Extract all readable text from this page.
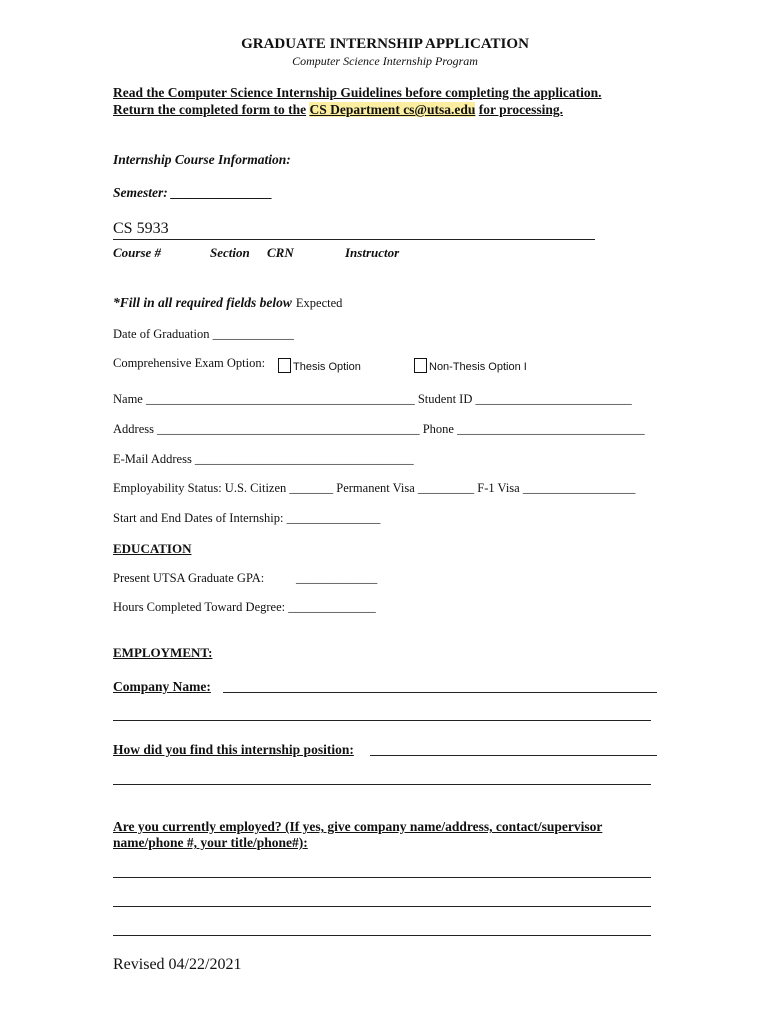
GRADUATE INTERNSHIP APPLICATION
Computer Science Internship Program
Read the Computer Science Internship Guidelines before completing the application. Return the completed form to the CS Department cs@utsa.edu for processing.
Internship Course Information:
Semester: _______________
CS 5933
Course #	Section CRN	Instructor
*Fill in all required fields below Expected
Date of Graduation _____________
Comprehensive Exam Option:	Thesis Option	Non-Thesis Option I
Name ___________________________________________ Student ID _________________________
Address __________________________________________ Phone ______________________________
E-Mail Address ___________________________________
Employability Status: U.S. Citizen _______ Permanent Visa _________ F-1 Visa __________________
Start and End Dates of Internship: _______________
EDUCATION
Present UTSA Graduate GPA:	_____________
Hours Completed Toward Degree: ______________
EMPLOYMENT:
Company Name:
How did you find this internship position:
Are you currently employed? (If yes, give company name/address, contact/supervisor name/phone #, your title/phone#):
Revised 04/22/2021
